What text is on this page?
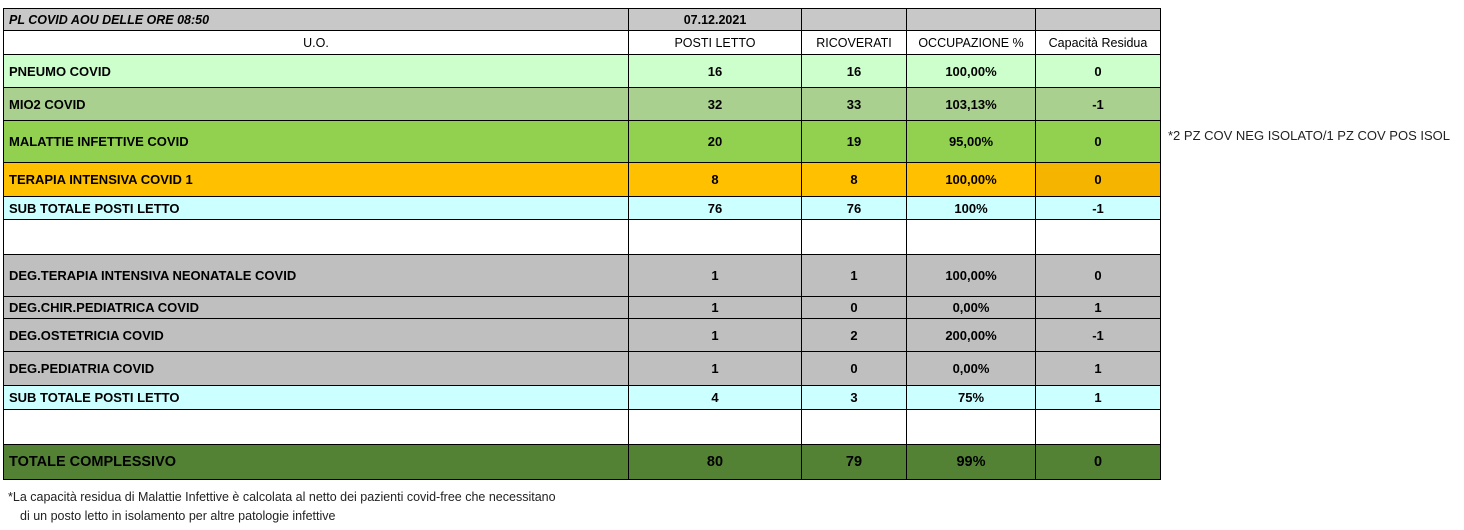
PL COVID AOU DELLE ORE 08:50	07.12.2021			
U.O.	POSTI LETTO	RICOVERATI	OCCUPAZIONE %	Capacità Residua
PNEUMO COVID	16	16	100,00%	0
MIO2 COVID	32	33	103,13%	-1
MALATTIE INFETTIVE COVID	20	19	95,00%	0
TERAPIA INTENSIVA COVID 1	8	8	100,00%	0
SUB TOTALE POSTI LETTO	76	76	100%	-1

DEG.TERAPIA INTENSIVA NEONATALE COVID	1	1	100,00%	0
DEG.CHIR.PEDIATRICA COVID	1	0	0,00%	1
DEG.OSTETRICIA COVID	1	2	200,00%	-1
DEG.PEDIATRIA COVID	1	0	0,00%	1
SUB TOTALE POSTI LETTO	4	3	75%	1

TOTALE COMPLESSIVO	80	79	99%	0
*2 PZ COV NEG ISOLATO/1 PZ COV POS ISOL
*La capacità residua di Malattie Infettive è calcolata al netto dei pazienti covid-free che necessitano
di un posto letto in isolamento per altre patologie infettive
